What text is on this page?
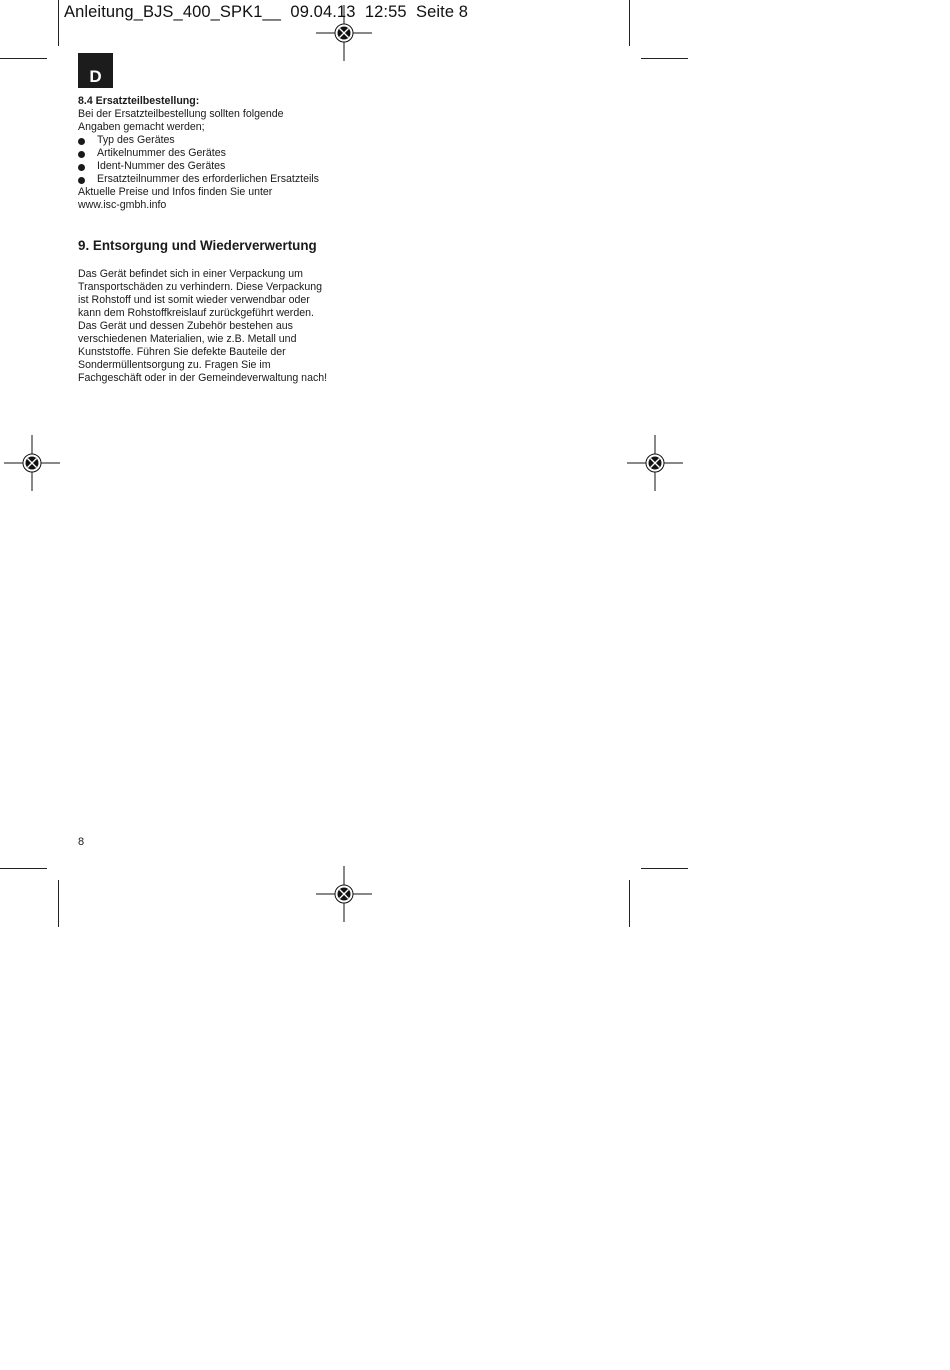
Anleitung_BJS_400_SPK1__  09.04.13  12:55  Seite 8
D

8.4 Ersatzteilbestellung:

Bei der Ersatzteilbestellung sollten folgende

Angaben gemacht werden;

Typ des Gerätes
Artikelnummer des Gerätes
Ident-Nummer des Gerätes
Ersatzteilnummer des erforderlichen Ersatzteils

Aktuelle Preise und Infos finden Sie unter

www.isc-gmbh.info

9. Entsorgung und Wiederverwertung
Das Gerät befindet sich in einer Verpackung um
Transportschäden zu verhindern. Diese Verpackung
ist Rohstoff und ist somit wieder verwendbar oder
kann dem Rohstoffkreislauf zurückgeführt werden.
Das Gerät und dessen Zubehör bestehen aus
verschiedenen Materialien, wie z.B. Metall und
Kunststoffe. Führen Sie defekte Bauteile der
Sondermüllentsorgung zu. Fragen Sie im
Fachgeschäft oder in der Gemeindeverwaltung nach!
8
